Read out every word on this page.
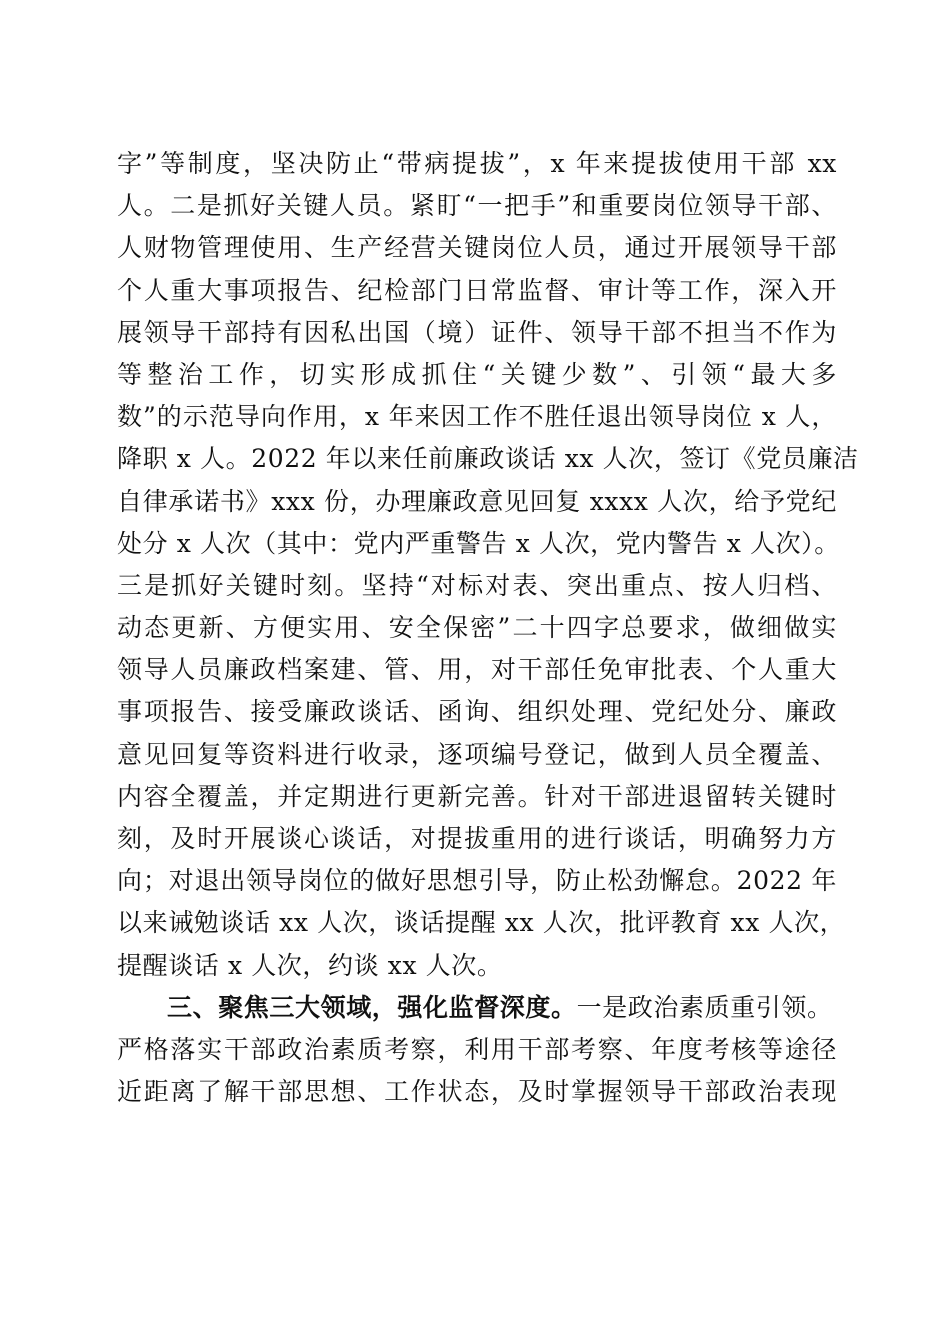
字”等制度，坚决防止“带病提拔”，x 年来提拔使用干部 xx
人。二是抓好关键人员。紧盯“一把手”和重要岗位领导干部、
人财物管理使用、生产经营关键岗位人员，通过开展领导干部
个人重大事项报告、纪检部门日常监督、审计等工作，深入开
展领导干部持有因私出国（境）证件、领导干部不担当不作为
等整治工作，切实形成抓住“关键少数”、引领“最大多
数”的示范导向作用，x 年来因工作不胜任退出领导岗位 x 人，
降职 x 人。2022 年以来任前廉政谈话 xx 人次，签订《党员廉洁
自律承诺书》xxx 份，办理廉政意见回复 xxxx 人次，给予党纪
处分 x 人次（其中：党内严重警告 x 人次，党内警告 x 人次）。
三是抓好关键时刻。坚持“对标对表、突出重点、按人归档、
动态更新、方便实用、安全保密”二十四字总要求，做细做实
领导人员廉政档案建、管、用，对干部任免审批表、个人重大
事项报告、接受廉政谈话、函询、组织处理、党纪处分、廉政
意见回复等资料进行收录，逐项编号登记，做到人员全覆盖、
内容全覆盖，并定期进行更新完善。针对干部进退留转关键时
刻，及时开展谈心谈话，对提拔重用的进行谈话，明确努力方
向；对退出领导岗位的做好思想引导，防止松劲懈怠。2022 年
以来诫勉谈话 xx 人次，谈话提醒 xx 人次，批评教育 xx 人次，
提醒谈话 x 人次，约谈 xx 人次。
三、聚焦三大领域，强化监督深度。一是政治素质重引领。
严格落实干部政治素质考察，利用干部考察、年度考核等途径
近距离了解干部思想、工作状态，及时掌握领导干部政治表现
